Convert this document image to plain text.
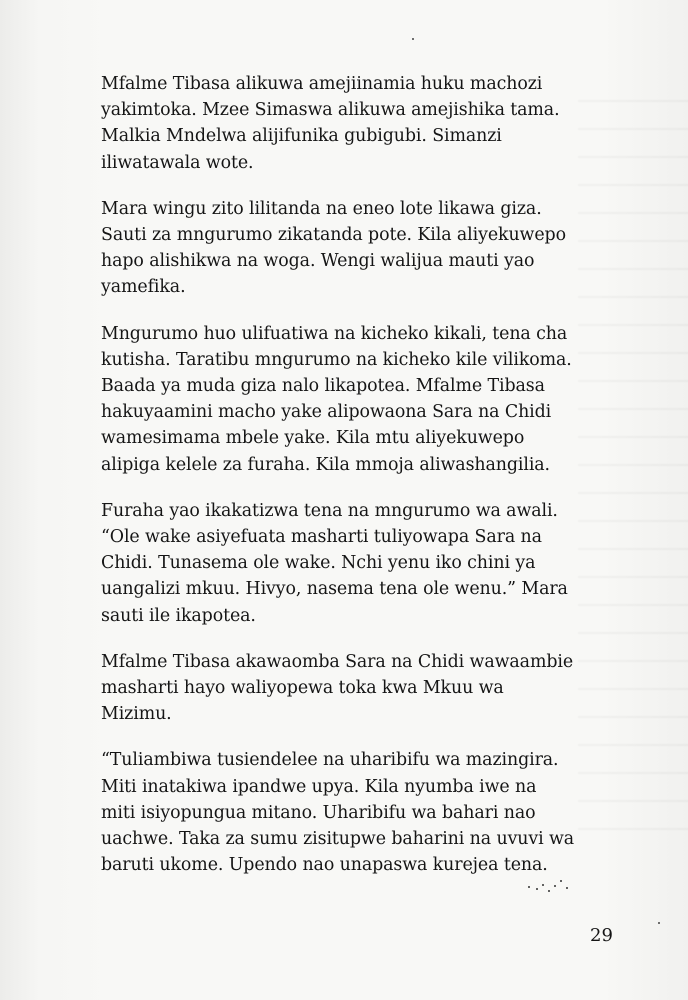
Mfalme Tibasa alikuwa amejiinamia huku machozi
yakimtoka. Mzee Simaswa alikuwa amejishika tama.
Malkia Mndelwa alijifunika gubigubi. Simanzi
iliwatawala wote.

Mara wingu zito lilitanda na eneo lote likawa giza.
Sauti za mngurumo zikatanda pote. Kila aliyekuwepo
hapo alishikwa na woga. Wengi walijua mauti yao
yamefika.

Mngurumo huo ulifuatiwa na kicheko kikali, tena cha
kutisha. Taratibu mngurumo na kicheko kile vilikoma.
Baada ya muda giza nalo likapotea. Mfalme Tibasa
hakuyaamini macho yake alipowaona Sara na Chidi
wamesimama mbele yake. Kila mtu aliyekuwepo
alipiga kelele za furaha. Kila mmoja aliwashangilia.

Furaha yao ikakatizwa tena na mngurumo wa awali.
“Ole wake asiyefuata masharti tuliyowapa Sara na
Chidi. Tunasema ole wake. Nchi yenu iko chini ya
uangalizi mkuu. Hivyo, nasema tena ole wenu.” Mara
sauti ile ikapotea.

Mfalme Tibasa akawaomba Sara na Chidi wawaambie
masharti hayo waliyopewa toka kwa Mkuu wa
Mizimu.

“Tuliambiwa tusiendelee na uharibifu wa mazingira.
Miti inatakiwa ipandwe upya. Kila nyumba iwe na
miti isiyopungua mitano. Uharibifu wa bahari nao
uachwe. Taka za sumu zisitupwe baharini na uvuvi wa
baruti ukome. Upendo nao unapaswa kurejea tena.

29
